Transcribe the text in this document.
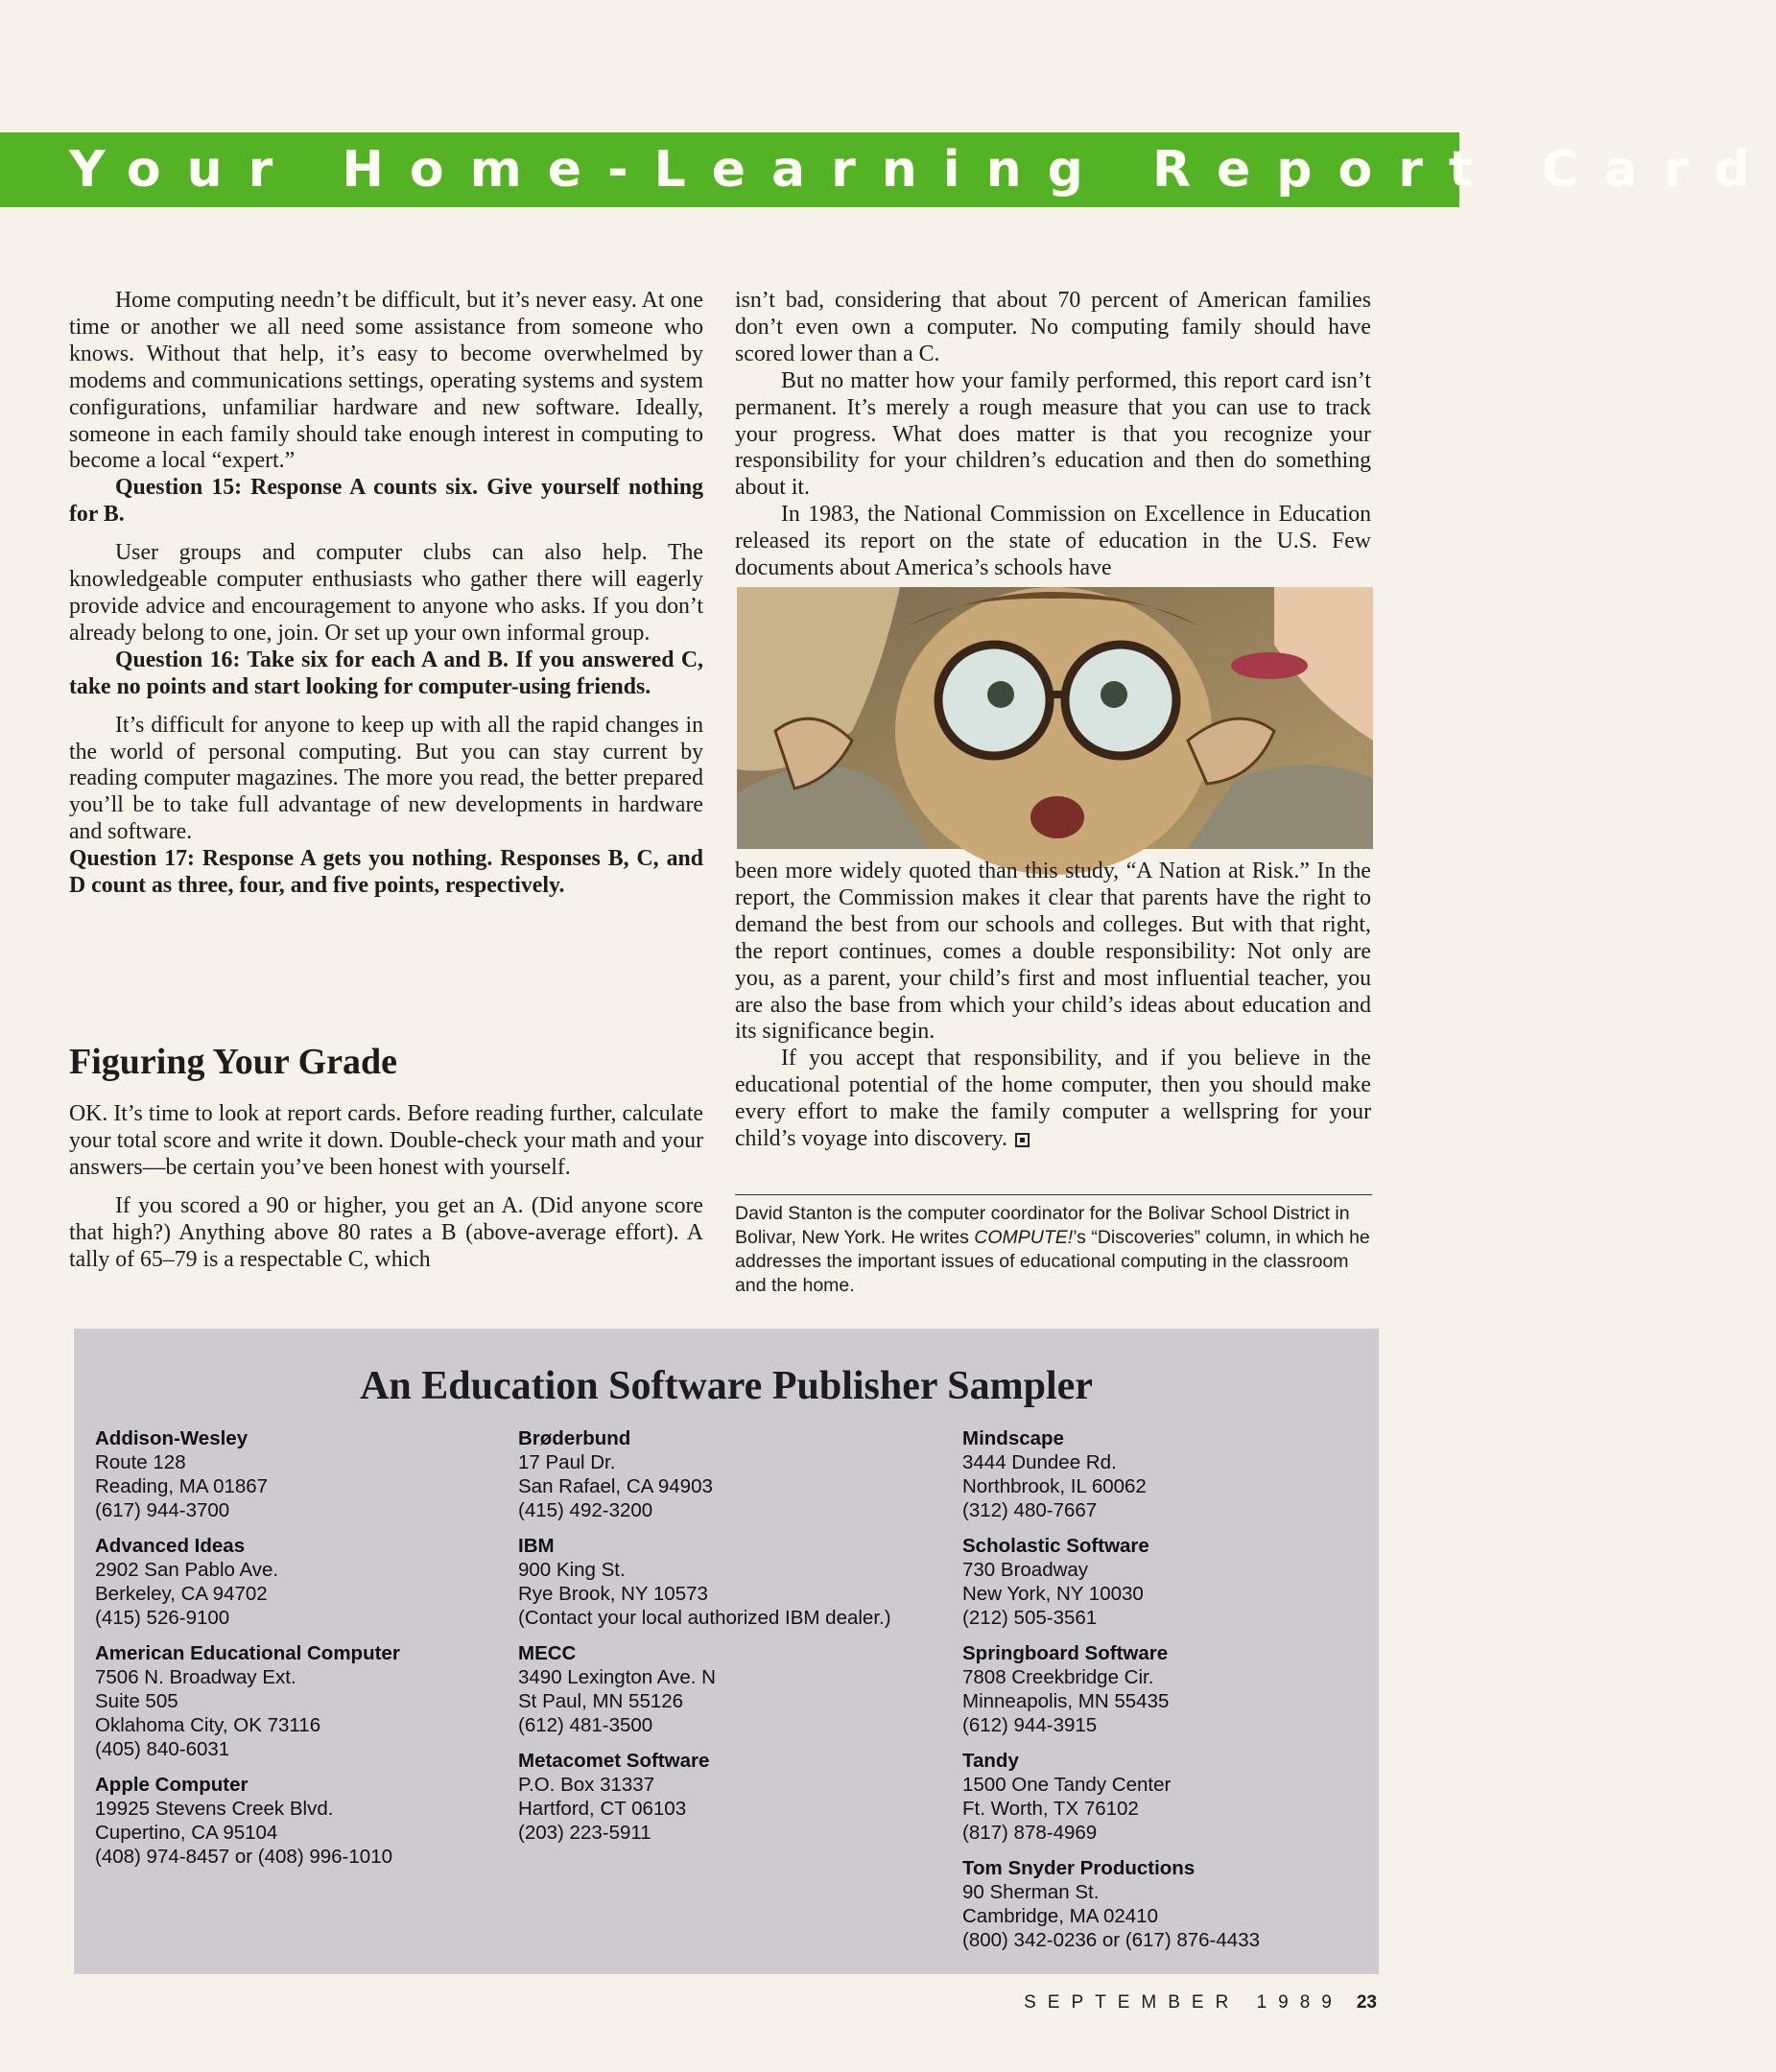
Your Home-Learning Report Card

Home computing needn’t be difficult, but it’s never easy. At one time or another we all need some assistance from someone who knows. Without that help, it’s easy to become overwhelmed by modems and communications settings, operating systems and system configurations, unfamiliar hardware and new software. Ideally, someone in each family should take enough interest in computing to become a local “expert.”

Question 15: Response A counts six. Give yourself nothing for B.

User groups and computer clubs can also help. The knowledgeable computer enthusiasts who gather there will eagerly provide advice and encouragement to anyone who asks. If you don’t already belong to one, join. Or set up your own informal group.

Question 16: Take six for each A and B. If you answered C, take no points and start looking for computer-using friends.

It’s difficult for anyone to keep up with all the rapid changes in the world of personal computing. But you can stay current by reading computer magazines. The more you read, the better prepared you’ll be to take full advantage of new developments in hardware and software.

Question 17: Response A gets you nothing. Responses B, C, and D count as three, four, and five points, respectively.

Figuring Your Grade

OK. It’s time to look at report cards. Before reading further, calculate your total score and write it down. Double-check your math and your answers—be certain you’ve been honest with yourself.

If you scored a 90 or higher, you get an A. (Did anyone score that high?) Anything above 80 rates a B (above-average effort). A tally of 65–79 is a respectable C, which

isn’t bad, considering that about 70 percent of American families don’t even own a computer. No computing family should have scored lower than a C.

But no matter how your family performed, this report card isn’t permanent. It’s merely a rough measure that you can use to track your progress. What does matter is that you recognize your responsibility for your children’s education and then do something about it.

In 1983, the National Commission on Excellence in Education released its report on the state of education in the U.S. Few documents about America’s schools have

been more widely quoted than this study, “A Nation at Risk.” In the report, the Commission makes it clear that parents have the right to demand the best from our schools and colleges. But with that right, the report continues, comes a double responsibility: Not only are you, as a parent, your child’s first and most influential teacher, you are also the base from which your child’s ideas about education and its significance begin.

If you accept that responsibility, and if you believe in the educational potential of the home computer, then you should make every effort to make the family computer a wellspring for your child’s voyage into discovery.

David Stanton is the computer coordinator for the Bolivar School District in Bolivar, New York. He writes COMPUTE!’s “Discoveries” column, in which he addresses the important issues of educational computing in the classroom and the home.

An Education Software Publisher Sampler
Addison-Wesley
Route 128
Reading, MA 01867
(617) 944-3700
Advanced Ideas
2902 San Pablo Ave.
Berkeley, CA 94702
(415) 526-9100
American Educational Computer
7506 N. Broadway Ext.
Suite 505
Oklahoma City, OK 73116
(405) 840-6031
Apple Computer
19925 Stevens Creek Blvd.
Cupertino, CA 95104
(408) 974-8457 or (408) 996-1010
Brøderbund
17 Paul Dr.
San Rafael, CA 94903
(415) 492-3200
IBM
900 King St.
Rye Brook, NY 10573
(Contact your local authorized IBM dealer.)
MECC
3490 Lexington Ave. N
St Paul, MN 55126
(612) 481-3500
Metacomet Software
P.O. Box 31337
Hartford, CT 06103
(203) 223-5911
Mindscape
3444 Dundee Rd.
Northbrook, IL 60062
(312) 480-7667
Scholastic Software
730 Broadway
New York, NY 10030
(212) 505-3561
Springboard Software
7808 Creekbridge Cir.
Minneapolis, MN 55435
(612) 944-3915
Tandy
1500 One Tandy Center
Ft. Worth, TX 76102
(817) 878-4969
Tom Snyder Productions
90 Sherman St.
Cambridge, MA 02410
(800) 342-0236 or (617) 876-4433
SEPTEMBER 1989 23
